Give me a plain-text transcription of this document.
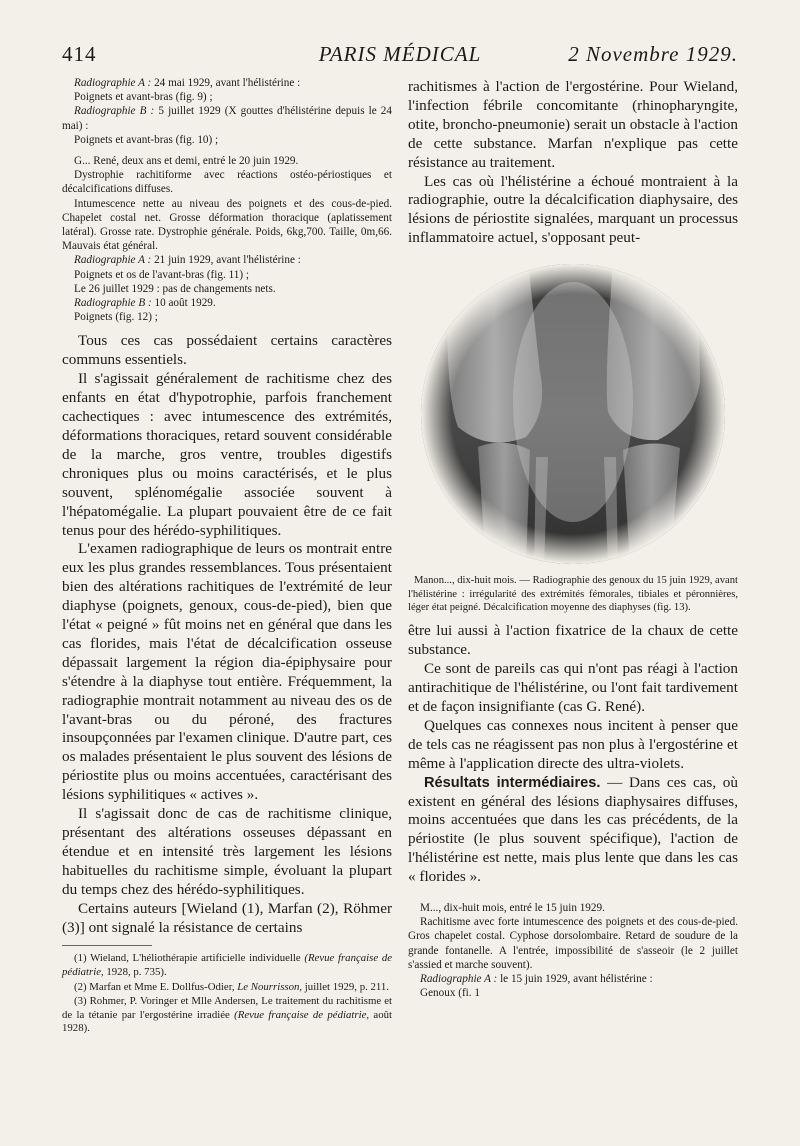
414	PARIS MÉDICAL	2 Novembre 1929.

Radiographie A : 24 mai 1929, avant l'hélistérine :

Poignets et avant-bras (fig. 9) ;

Radiographie B : 5 juillet 1929 (X gouttes d'hélistérine depuis le 24 mai) :

Poignets et avant-bras (fig. 10) ;

G... René, deux ans et demi, entré le 20 juin 1929.

Dystrophie rachitiforme avec réactions ostéo-périostiques et décalcifications diffuses.

Intumescence nette au niveau des poignets et des cous-de-pied. Chapelet costal net. Grosse déformation thoracique (aplatissement latéral). Grosse rate. Dystrophie générale. Poids, 6kg,700. Taille, 0m,66. Mauvais état général.

Radiographie A : 21 juin 1929, avant l'hélistérine :

Poignets et os de l'avant-bras (fig. 11) ;

Le 26 juillet 1929 : pas de changements nets.

Radiographie B : 10 août 1929.

Poignets (fig. 12) ;

Tous ces cas possédaient certains caractères communs essentiels.

Il s'agissait généralement de rachitisme chez des enfants en état d'hypotrophie, parfois franchement cachectiques : avec intumescence des extrémités, déformations thoraciques, retard souvent considérable de la marche, gros ventre, troubles digestifs chroniques plus ou moins caractérisés, et le plus souvent, splénomégalie associée souvent à l'hépatomégalie. La plupart pouvaient être de ce fait tenus pour des hérédo-syphilitiques.

L'examen radiographique de leurs os montrait entre eux les plus grandes ressemblances. Tous présentaient bien des altérations rachitiques de l'extrémité de leur diaphyse (poignets, genoux, cous-de-pied), bien que l'état « peigné » fût moins net en général que dans les cas florides, mais l'état de décalcification osseuse dépassait largement la région dia-épiphysaire pour s'étendre à la diaphyse tout entière. Fréquemment, la radiographie montrait notamment au niveau des os de l'avant-bras ou du péroné, des fractures insoupçonnées par l'examen clinique. D'autre part, ces os malades présentaient le plus souvent des lésions de périostite plus ou moins accentuées, caractérisant des lésions syphilitiques « actives ».

Il s'agissait donc de cas de rachitisme clinique, présentant des altérations osseuses dépassant en étendue et en intensité très largement les lésions habituelles du rachitisme simple, évoluant la plupart du temps chez des hérédo-syphilitiques.

Certains auteurs [Wieland (1), Marfan (2), Röhmer (3)] ont signalé la résistance de certains

(1) Wieland, L'héliothérapie artificielle individuelle (Revue française de pédiatrie, 1928, p. 735).

(2) Marfan et Mme E. Dollfus-Odier, Le Nourrisson, juillet 1929, p. 211.

(3) Rohmer, P. Voringer et Mlle Andersen, Le traitement du rachitisme et de la tétanie par l'ergostérine irradiée (Revue française de pédiatrie, août 1928).

rachitismes à l'action de l'ergostérine. Pour Wieland, l'infection fébrile concomitante (rhinopharyngite, otite, broncho-pneumonie) serait un obstacle à l'action de cette substance. Marfan n'explique pas cette résistance au traitement.

Les cas où l'hélistérine a échoué montraient à la radiographie, outre la décalcification diaphysaire, des lésions de périostite signalées, marquant un processus inflammatoire actuel, s'opposant peut-

Manon..., dix-huit mois. — Radiographie des genoux du 15 juin 1929, avant l'hélistérine : irrégularité des extrémités fémorales, tibiales et péronnières, léger état peigné. Décalcification moyenne des diaphyses (fig. 13).

être lui aussi à l'action fixatrice de la chaux de cette substance.

Ce sont de pareils cas qui n'ont pas réagi à l'action antirachitique de l'hélistérine, ou l'ont fait tardivement et de façon insignifiante (cas G. René).

Quelques cas connexes nous incitent à penser que de tels cas ne réagissent pas non plus à l'ergostérine et même à l'application directe des ultra-violets.

Résultats intermédiaires. — Dans ces cas, où existent en général des lésions diaphysaires diffuses, moins accentuées que dans les cas précédents, de la périostite (le plus souvent spécifique), l'action de l'hélistérine est nette, mais plus lente que dans les cas « florides ».

M..., dix-huit mois, entré le 15 juin 1929.

Rachitisme avec forte intumescence des poignets et des cous-de-pied. Gros chapelet costal. Cyphose dorsolombaire. Retard de soudure de la grande fontanelle. A l'entrée, impossibilité de s'asseoir (le 2 juillet s'assied et marche souvent).

Radiographie A : le 15 juin 1929, avant hélistérine :

Genoux (fi. 1
